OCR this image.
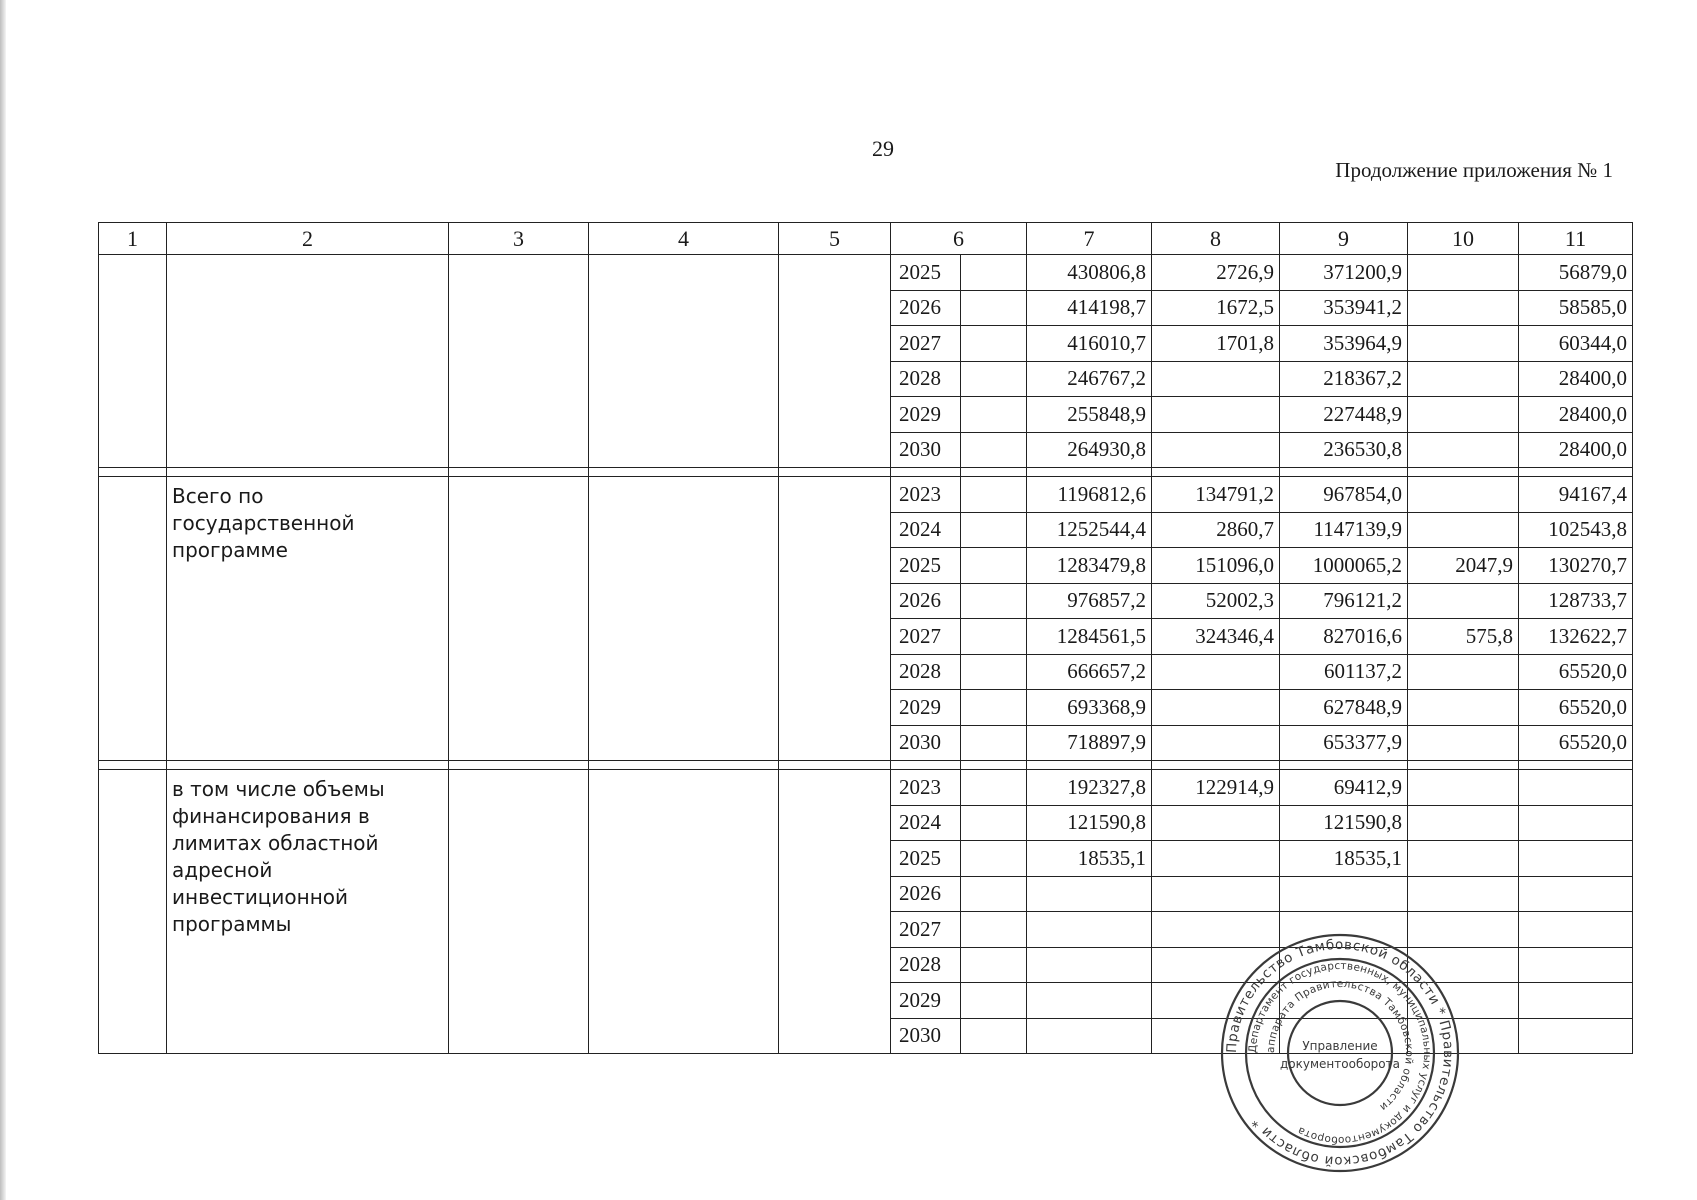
29
Продолжение приложения № 1
1	2	3	4	5	6		7	8	9	10	11
					2025		430806,8	2726,9	371200,9		56879,0
					2026		414198,7	1672,5	353941,2		58585,0
					2027		416010,7	1701,8	353964,9		60344,0
					2028		246767,2		218367,2		28400,0
					2029		255848,9		227448,9		28400,0
					2030		264930,8		236530,8		28400,0

	Всего по государственной программе				2023		1196812,6	134791,2	967854,0		94167,4
					2024		1252544,4	2860,7	1147139,9		102543,8
					2025		1283479,8	151096,0	1000065,2	2047,9	130270,7
					2026		976857,2	52002,3	796121,2		128733,7
					2027		1284561,5	324346,4	827016,6	575,8	132622,7
					2028		666657,2		601137,2		65520,0
					2029		693368,9		627848,9		65520,0
					2030		718897,9		653377,9		65520,0

	в том числе объемы финансирования в лимитах областной адресной инвестиционной программы				2023		192327,8	122914,9	69412,9		
					2024		121590,8		121590,8		
					2025		18535,1		18535,1		
					2026						
					2027						
					2028						
					2029						
					2030						
Правительство Тамбовской области * Правительство Тамбовской области *
Департамент государственных, муниципальных услуг и документооборота
аппарата Правительства Тамбовской области
Управление
документооборота
